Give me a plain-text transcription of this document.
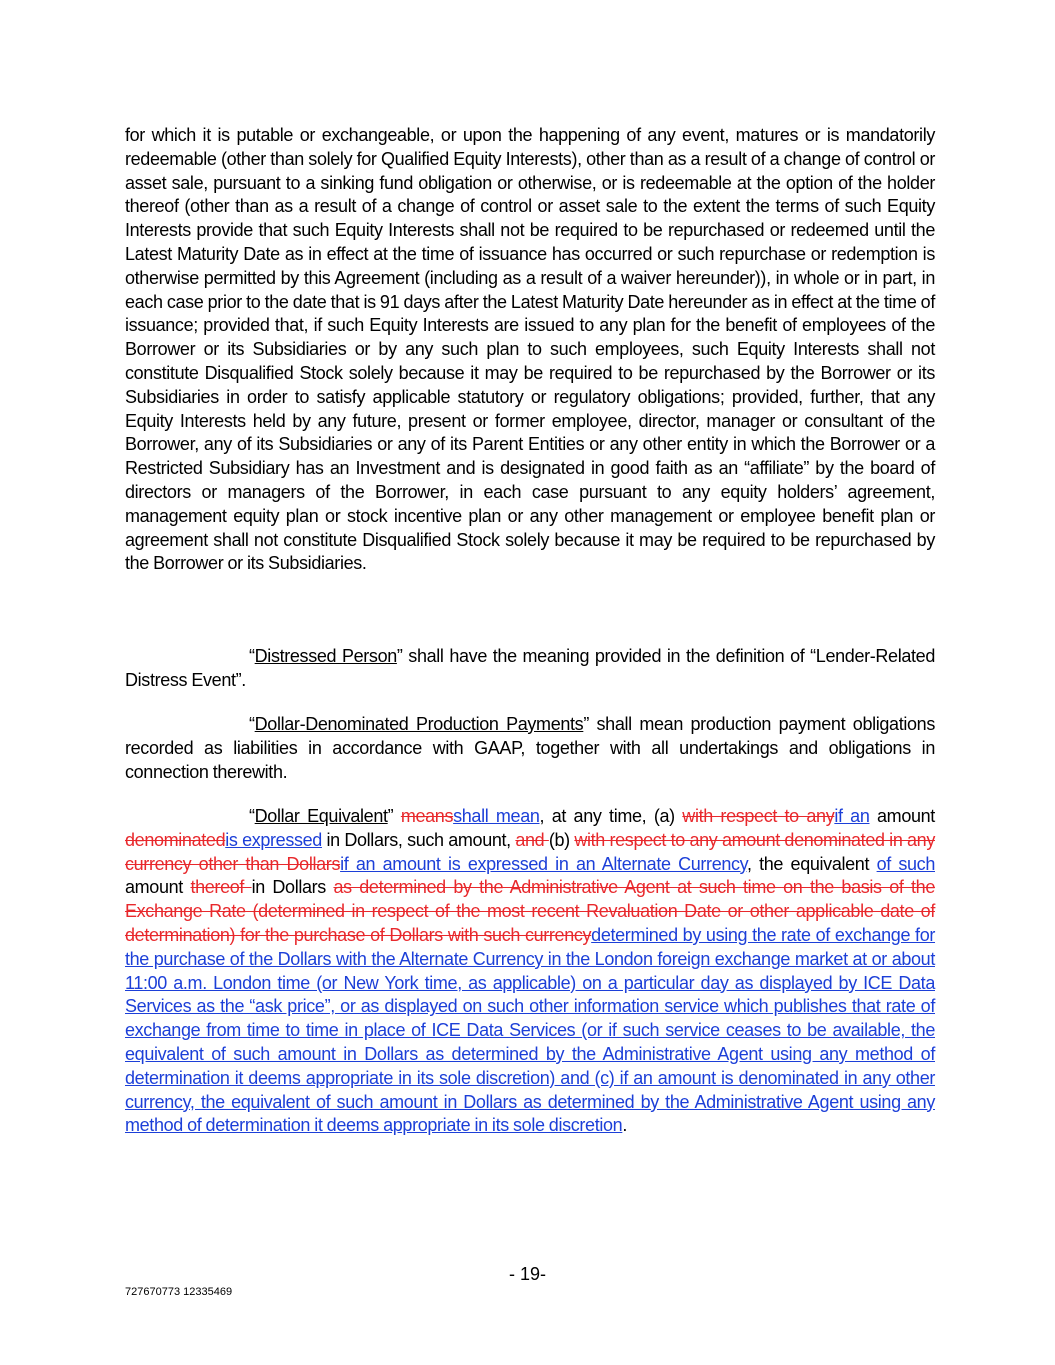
for which it is putable or exchangeable, or upon the happening of any event, matures or is mandatorily redeemable (other than solely for Qualified Equity Interests), other than as a result of a change of control or asset sale, pursuant to a sinking fund obligation or otherwise, or is redeemable at the option of the holder thereof (other than as a result of a change of control or asset sale to the extent the terms of such Equity Interests provide that such Equity Interests shall not be required to be repurchased or redeemed until the Latest Maturity Date as in effect at the time of issuance has occurred or such repurchase or redemption is otherwise permitted by this Agreement (including as a result of a waiver hereunder)), in whole or in part, in each case prior to the date that is 91 days after the Latest Maturity Date hereunder as in effect at the time of issuance; provided that, if such Equity Interests are issued to any plan for the benefit of employees of the Borrower or its Subsidiaries or by any such plan to such employees, such Equity Interests shall not constitute Disqualified Stock solely because it may be required to be repurchased by the Borrower or its Subsidiaries in order to satisfy applicable statutory or regulatory obligations; provided, further, that any Equity Interests held by any future, present or former employee, director, manager or consultant of the Borrower, any of its Subsidiaries or any of its Parent Entities or any other entity in which the Borrower or a Restricted Subsidiary has an Investment and is designated in good faith as an “affiliate” by the board of directors or managers of the Borrower, in each case pursuant to any equity holders’ agreement, management equity plan or stock incentive plan or any other management or employee benefit plan or agreement shall not constitute Disqualified Stock solely because it may be required to be repurchased by the Borrower or its Subsidiaries.
“Distressed Person” shall have the meaning provided in the definition of “Lender-Related Distress Event”.
“Dollar-Denominated Production Payments” shall mean production payment obligations recorded as liabilities in accordance with GAAP, together with all undertakings and obligations in connection therewith.
“Dollar Equivalent” meansshall mean, at any time, (a) with respect to anyif an amount denominatedis expressed in Dollars, such amount, and (b) with respect to any amount denominated in any currency other than Dollarsif an amount is expressed in an Alternate Currency, the equivalent of such amount thereof in Dollars as determined by the Administrative Agent at such time on the basis of the Exchange Rate (determined in respect of the most recent Revaluation Date or other applicable date of determination) for the purchase of Dollars with such currencydetermined by using the rate of exchange for the purchase of the Dollars with the Alternate Currency in the London foreign exchange market at or about 11:00 a.m. London time (or New York time, as applicable) on a particular day as displayed by ICE Data Services as the “ask price”, or as displayed on such other information service which publishes that rate of exchange from time to time in place of ICE Data Services (or if such service ceases to be available, the equivalent of such amount in Dollars as determined by the Administrative Agent using any method of determination it deems appropriate in its sole discretion) and (c) if an amount is denominated in any other currency, the equivalent of such amount in Dollars as determined by the Administrative Agent using any method of determination it deems appropriate in its sole discretion.
- 19-
727670773 12335469
